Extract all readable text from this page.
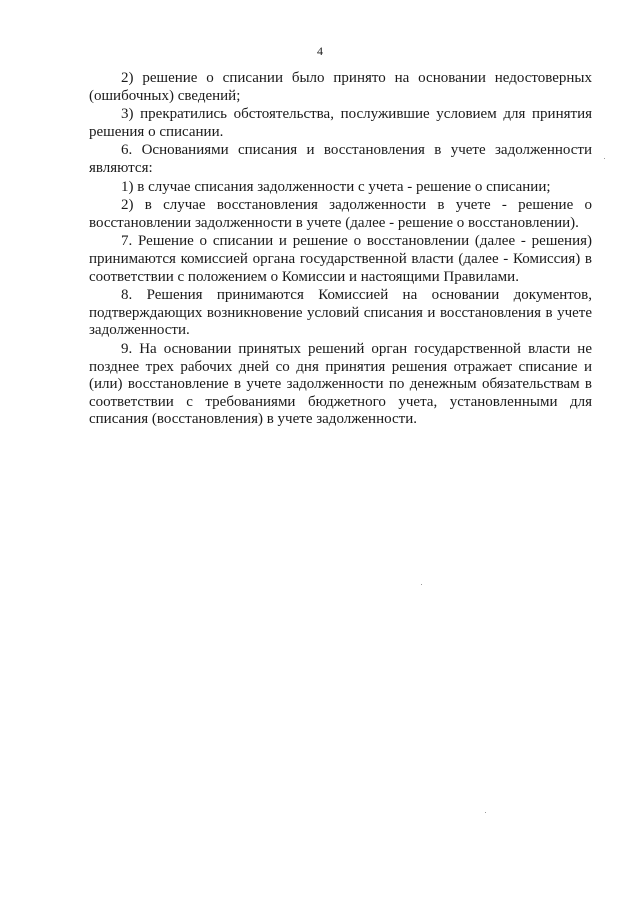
4

2) решение о списании было принято на основании недостоверных (ошибочных) сведений;

3) прекратились обстоятельства, послужившие условием для принятия решения о списании.

6. Основаниями списания и восстановления в учете задолженности являются:

1) в случае списания задолженности с учета - решение о списании;

2) в случае восстановления задолженности в учете - решение о восстановлении задолженности в учете (далее - решение о восстановлении).

7. Решение о списании и решение о восстановлении (далее - решения) принимаются комиссией органа государственной власти (далее - Комиссия) в соответствии с положением о Комиссии и настоящими Правилами.

8. Решения принимаются Комиссией на основании документов, подтверждающих возникновение условий списания и восстановления в учете задолженности.

9. На основании принятых решений орган государственной власти не позднее трех рабочих дней со дня принятия решения отражает списание и (или) восстановление в учете задолженности по денежным обязательствам в соответствии с требованиями бюджетного учета, установленными для списания (восстановления) в учете задолженности.
